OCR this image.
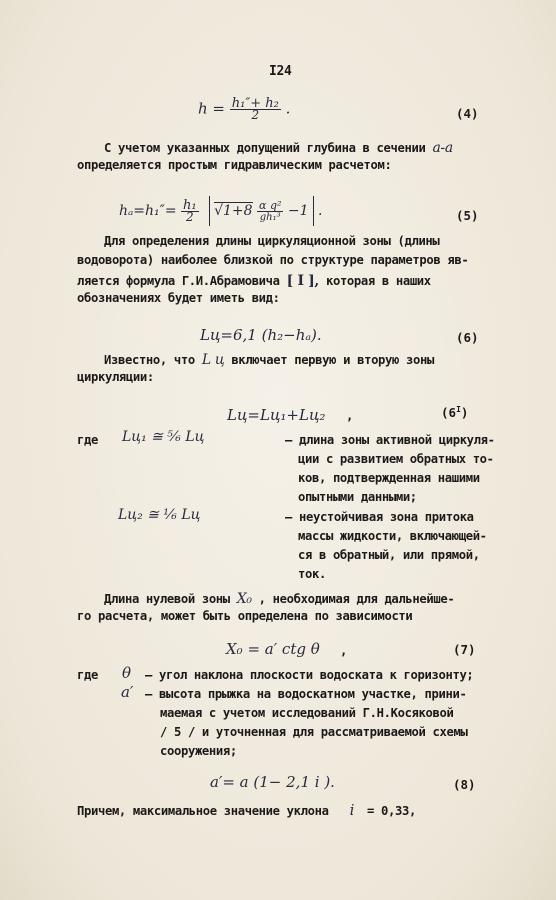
I24
$h = \frac{\text{h₁″+ h₂}}{2}$ .	(4)
С учетом указанных допущений глубина в сечении a-a
определяется простым гидравлическим расчетом:
$h_a=h_1''= \frac{\text{h₁}}{2} √1+8 \frac{\text{α q²}}{\text{gh₁³}} -1$ .	(5)
Для определения длины циркуляционной зоны (длины
водоворота) наиболее близкой по структуре параметров яв-
ляется формула Г.И.Абрамовича [ I ], которая в наших
обозначениях будет иметь вид:
Lц=6,1 (h₂−hₐ).	(6)
Известно, что L ц включает первую и вторую зоны
циркуляции:
Lц=Lц₁+Lц₂ ,	$(6^I)$
где Lц₁ ≅ ⁵⁄₆ Lц	– длина зоны активной циркуля-
ции с развитием обратных то-
ков, подтвержденная нашими
опытными данными;
Lц₂ ≅ ¹⁄₆ Lц	– неустойчивая зона притока
массы жидкости, включающей-
ся в обратный, или прямой,
ток.
Длина нулевой зоны X₀ , необходимая для дальнейше-
го расчета, может быть определена по зависимости
X₀ = a′ ctg θ ,	(7)
где θ – угол наклона плоскости водоската к горизонту;
a′ – высота прыжка на водоскатном участке, прини-
маемая с учетом исследований Г.Н.Косяковой
/ 5 / и уточненная для рассматриваемой схемы
сооружения;
a′= a (1− 2,1 i ).	(8)
Причем, максимальное значение уклона i = 0,33,
